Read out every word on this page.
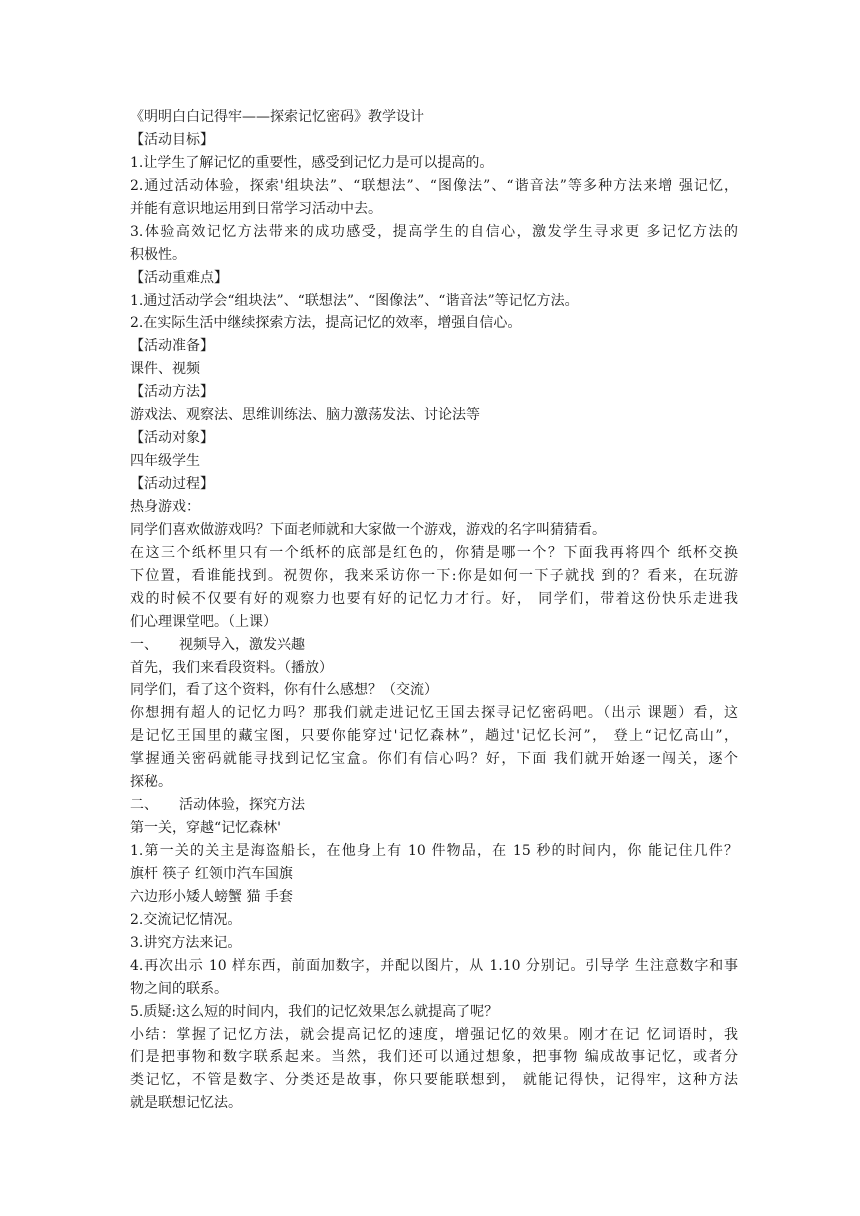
《明明白白记得牢——探索记忆密码》教学设计
【活动目标】
1.让学生了解记忆的重要性，感受到记忆力是可以提高的。
2.通过活动体验，探索'组块法”、“联想法”、“图像法”、“谐音法”等多种方法来增 强记忆，
并能有意识地运用到日常学习活动中去。
3.体验高效记忆方法带来的成功感受，提高学生的自信心，激发学生寻求更 多记忆方法的
积极性。
【活动重难点】
1.通过活动学会“组块法”、“联想法”、“图像法”、“谐音法”等记忆方法。
2.在实际生活中继续探索方法，提高记忆的效率，增强自信心。
【活动准备】
课件、视频
【活动方法】
游戏法、观察法、思维训练法、脑力激荡发法、讨论法等
【活动对象】
四年级学生
【活动过程】
热身游戏：
同学们喜欢做游戏吗？下面老师就和大家做一个游戏，游戏的名字叫猜猜看。
在这三个纸杯里只有一个纸杯的底部是红色的，你猜是哪一个？下面我再将四个 纸杯交换
下位置，看谁能找到。祝贺你，我来采访你一下:你是如何一下子就找 到的？看来，在玩游
戏的时候不仅要有好的观察力也要有好的记忆力才行。好， 同学们，带着这份快乐走进我
们心理课堂吧。（上课）
一、　　视频导入，激发兴趣
首先，我们来看段资料。（播放）
同学们，看了这个资料，你有什么感想？（交流）
你想拥有超人的记忆力吗？那我们就走进记忆王国去探寻记忆密码吧。（出示 课题）看，这
是记忆王国里的藏宝图，只要你能穿过'记忆森林”，趟过'记忆长河”， 登上“记忆高山”，
掌握通关密码就能寻找到记忆宝盒。你们有信心吗？好，下面 我们就开始逐一闯关，逐个
探秘。
二、　　活动体验，探究方法
第一关，穿越“记忆森林'
1.第一关的关主是海盗船长，在他身上有 10 件物品，在 15 秒的时间内，你 能记住几件？
旗杆 筷子 红领巾汽车国旗
六边形小矮人螃蟹 猫 手套
2.交流记忆情况。
3.讲究方法来记。
4.再次出示 10 样东西，前面加数字，并配以图片，从 1.10 分别记。引导学 生注意数字和事
物之间的联系。
5.质疑:这么短的时间内，我们的记忆效果怎么就提高了呢？
小结：掌握了记忆方法，就会提高记忆的速度，增强记忆的效果。刚才在记 忆词语时，我
们是把事物和数字联系起来。当然，我们还可以通过想象，把事物 编成故事记忆，或者分
类记忆，不管是数字、分类还是故事，你只要能联想到， 就能记得快，记得牢，这种方法
就是联想记忆法。
